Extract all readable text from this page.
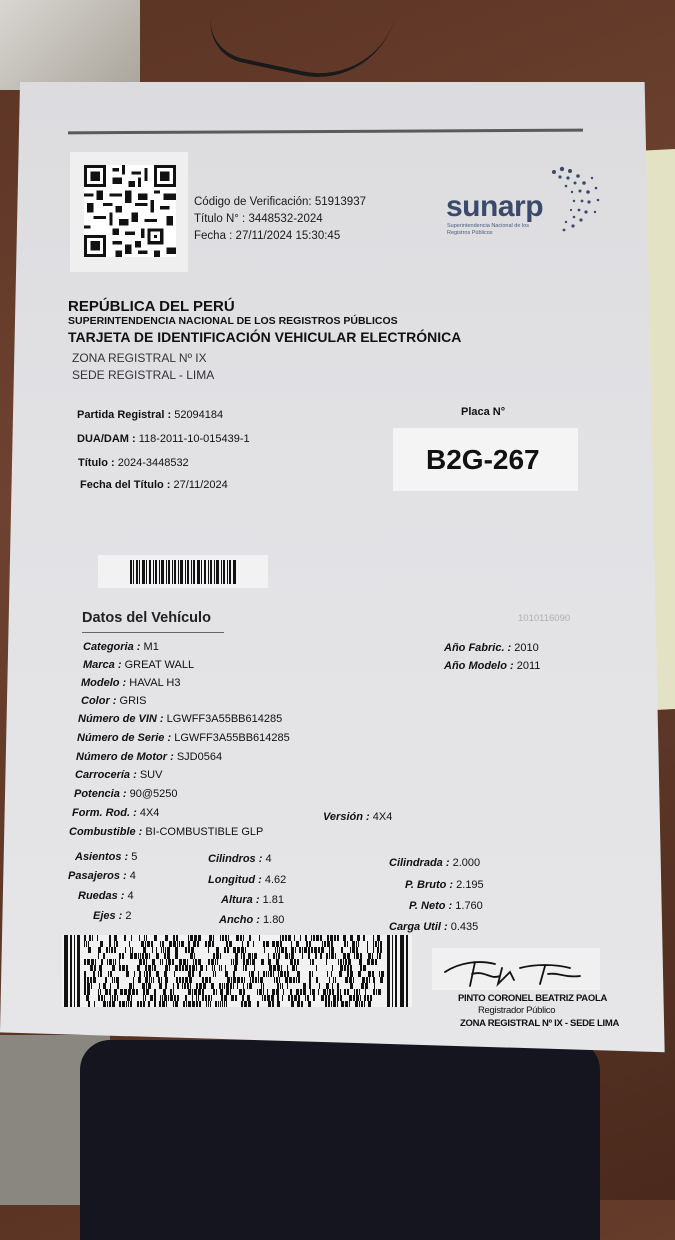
Código de Verificación: 51913937
Título N° : 3448532-2024
Fecha : 27/11/2024 15:30:45
sunarp
Superintendencia Nacional de los Registros Públicos
REPÚBLICA DEL PERÚ
SUPERINTENDENCIA NACIONAL DE LOS REGISTROS PÚBLICOS
TARJETA DE IDENTIFICACIÓN VEHICULAR ELECTRÓNICA
ZONA REGISTRAL Nº IX
SEDE REGISTRAL - LIMA
Partida Registral : 52094184
DUA/DAM : 118-2011-10-015439-1
Título : 2024-3448532
Fecha del Título : 27/11/2024
Placa N°
B2G-267
Datos del Vehículo	1010116090
Categoria : M1
Marca : GREAT WALL
Modelo : HAVAL H3
Color : GRIS
Número de VIN : LGWFF3A55BB614285
Número de Serie : LGWFF3A55BB614285
Número de Motor : SJD0564
Carrocería : SUV
Potencia : 90@5250
Form. Rod. : 4X4
Combustible : BI-COMBUSTIBLE GLP
Versión : 4X4
Año Fabric. : 2010
Año Modelo : 2011
Asientos : 5
Pasajeros : 4
Ruedas : 4
Ejes : 2
Cilindros : 4
Longitud : 4.62
Altura : 1.81
Ancho : 1.80
Cilindrada : 2.000
P. Bruto : 2.195
P. Neto : 1.760
Carga Util : 0.435
PINTO CORONEL BEATRIZ PAOLA
Registrador Público
ZONA REGISTRAL Nº IX - SEDE LIMA
